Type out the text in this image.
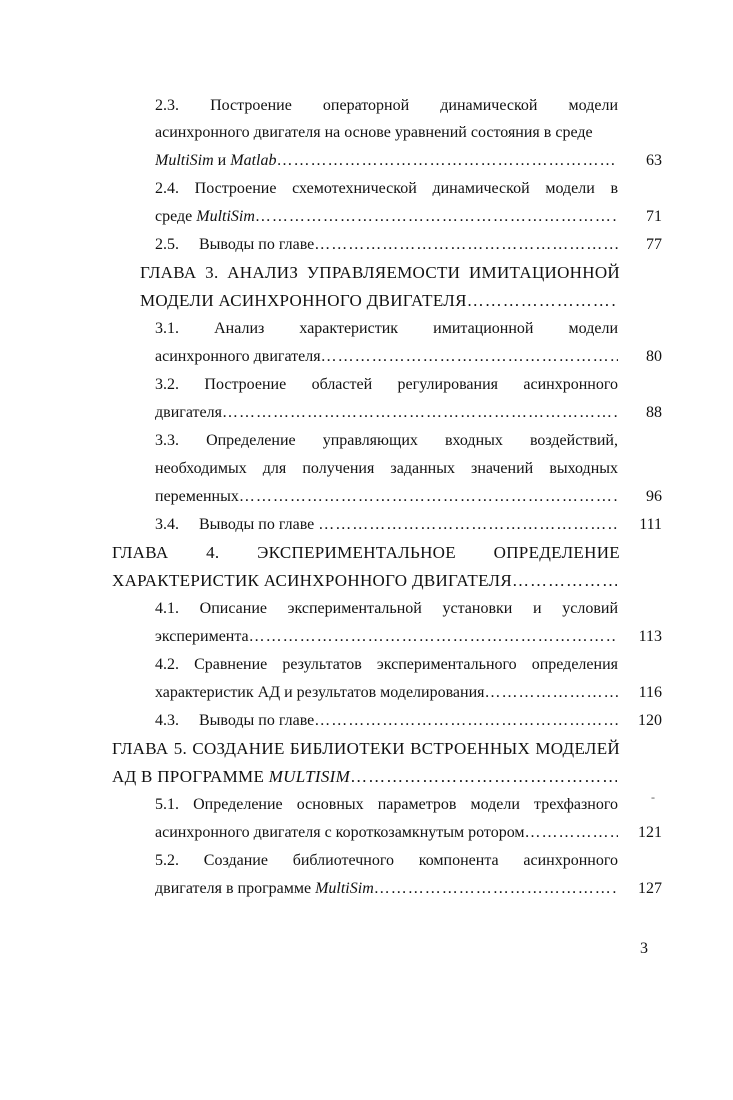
2.3. Построение операторной динамической модели
асинхронного двигателя на основе уравнений состояния в среде
MultiSim и Matlab ………………………………………………………………………………………………………………………………………………………………	63
2.4. Построение схемотехнической динамической модели в
среде MultiSim ………………………………………………………………………………………………………………………………………………………………	71
2.5. Выводы по главе ………………………………………………………………………………………………………………………………………………………………	77
ГЛАВА 3. АНАЛИЗ УПРАВЛЯЕМОСТИ ИМИТАЦИОННОЙ
МОДЕЛИ АСИНХРОННОГО ДВИГАТЕЛЯ
………………………………………………………………………………………………………………………………………………………………
3.1. Анализ характеристик имитационной модели
асинхронного двигателя ………………………………………………………………………………………………………………………………………………………………	80
3.2. Построение областей регулирования асинхронного
двигателя ………………………………………………………………………………………………………………………………………………………………	88
3.3. Определение управляющих входных воздействий,
необходимых для получения заданных значений выходных
переменных ………………………………………………………………………………………………………………………………………………………………	96
3.4. Выводы по главе ………………………………………………………………………………………………………………………………………………………………	111
ГЛАВА 4. ЭКСПЕРИМЕНТАЛЬНОЕ ОПРЕДЕЛЕНИЕ
ХАРАКТЕРИСТИК АСИНХРОННОГО ДВИГАТЕЛЯ
………………………………………………………………………………………………………………………………………………………………
4.1. Описание экспериментальной установки и условий
эксперимента ………………………………………………………………………………………………………………………………………………………………	113
4.2. Сравнение результатов экспериментального определения
характеристик АД и результатов моделирования ………………………………………………………………………………………………………………………………………………………………	116
4.3. Выводы по главе ………………………………………………………………………………………………………………………………………………………………	120
ГЛАВА 5. СОЗДАНИЕ БИБЛИОТЕКИ ВСТРОЕННЫХ МОДЕЛЕЙ
АД В ПРОГРАММЕ MULTISIM
………………………………………………………………………………………………………………………………………………………………
5.1. Определение основных параметров модели трехфазного	-
асинхронного двигателя с короткозамкнутым ротором ………………………………………………………………………………………………………………………………………………………………	121
5.2. Создание библиотечного компонента асинхронного
двигателя в программе MultiSim ………………………………………………………………………………………………………………………………………………………………	127
3
